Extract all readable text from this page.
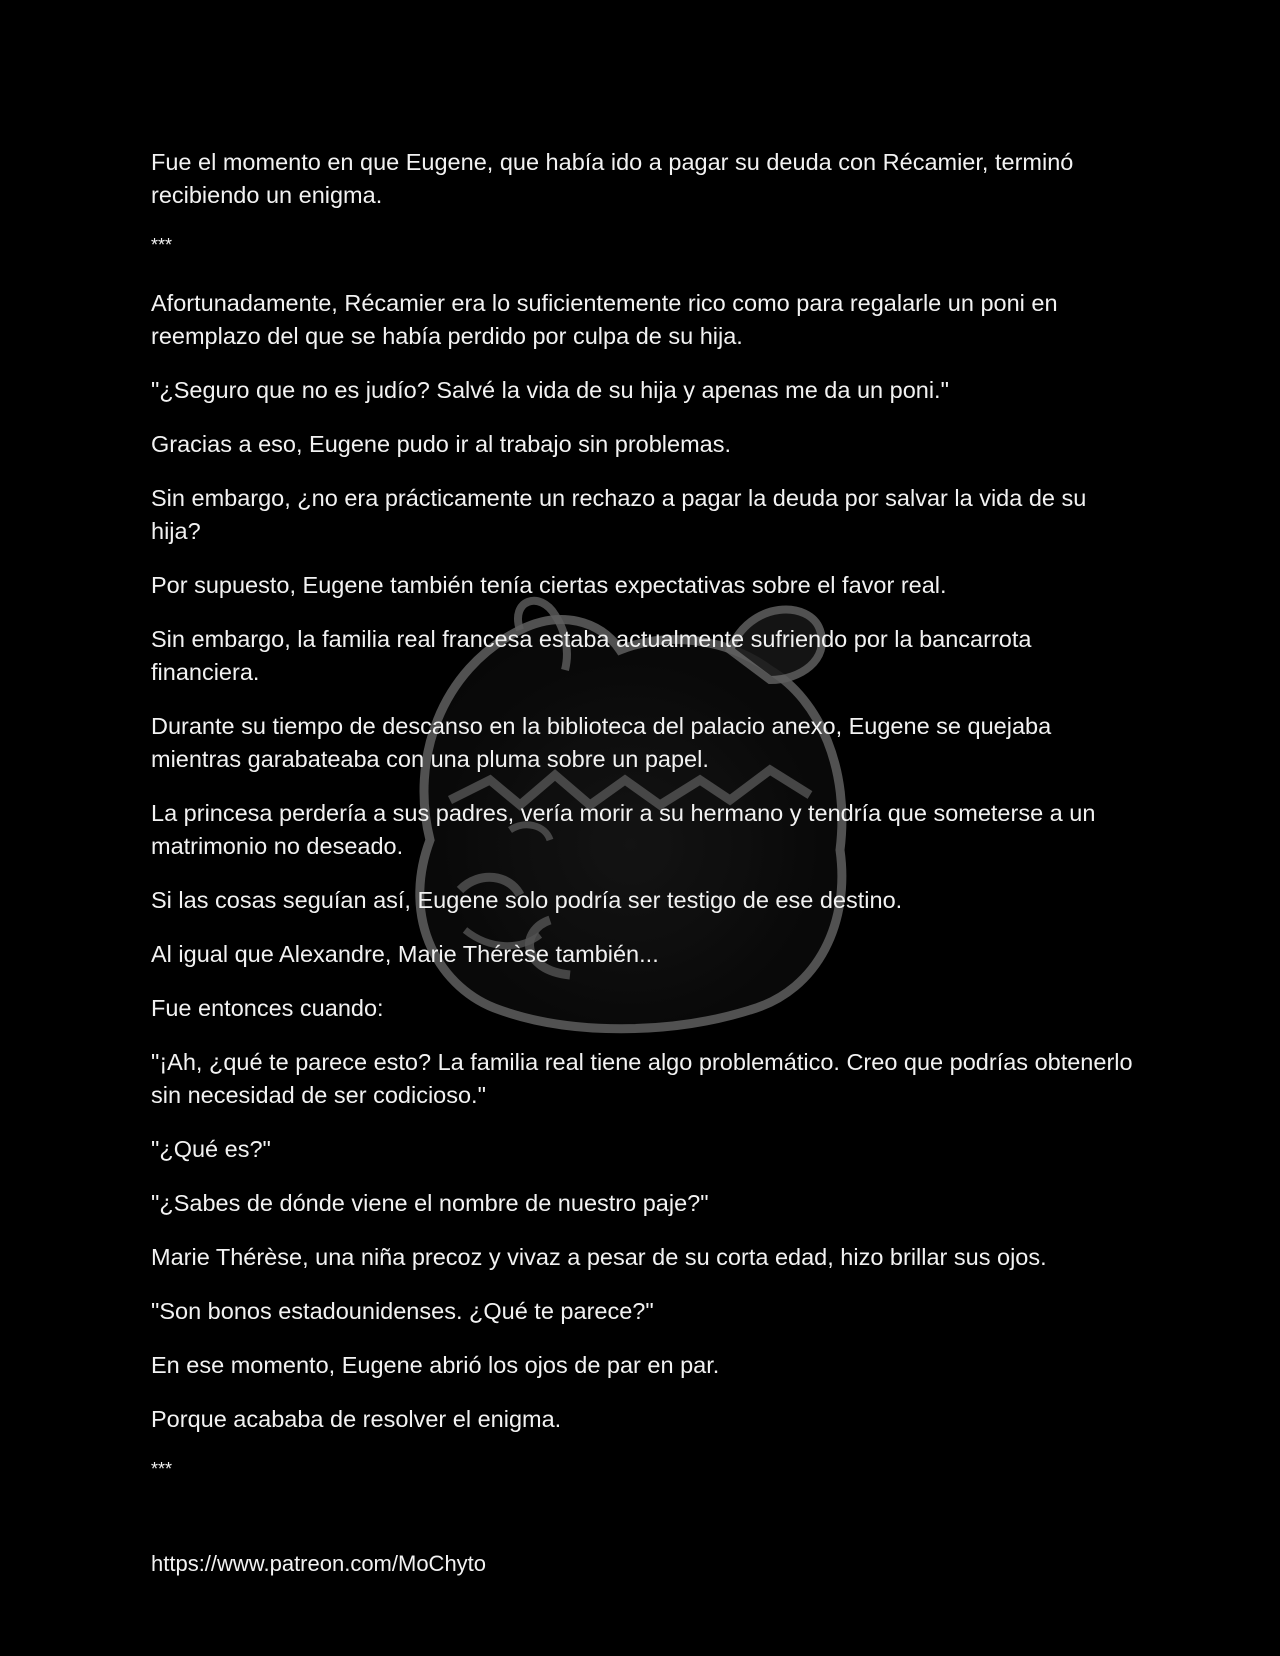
Fue el momento en que Eugene, que había ido a pagar su deuda con Récamier, terminó recibiendo un enigma.

***

Afortunadamente, Récamier era lo suficientemente rico como para regalarle un poni en reemplazo del que se había perdido por culpa de su hija.

"¿Seguro que no es judío? Salvé la vida de su hija y apenas me da un poni."

Gracias a eso, Eugene pudo ir al trabajo sin problemas.

Sin embargo, ¿no era prácticamente un rechazo a pagar la deuda por salvar la vida de su hija?

Por supuesto, Eugene también tenía ciertas expectativas sobre el favor real.

Sin embargo, la familia real francesa estaba actualmente sufriendo por la bancarrota financiera.

Durante su tiempo de descanso en la biblioteca del palacio anexo, Eugene se quejaba mientras garabateaba con una pluma sobre un papel.

La princesa perdería a sus padres, vería morir a su hermano y tendría que someterse a un matrimonio no deseado.

Si las cosas seguían así, Eugene solo podría ser testigo de ese destino.

Al igual que Alexandre, Marie Thérèse también...

Fue entonces cuando:

"¡Ah, ¿qué te parece esto? La familia real tiene algo problemático. Creo que podrías obtenerlo sin necesidad de ser codicioso."

"¿Qué es?"

"¿Sabes de dónde viene el nombre de nuestro paje?"

Marie Thérèse, una niña precoz y vivaz a pesar de su corta edad, hizo brillar sus ojos.

"Son bonos estadounidenses. ¿Qué te parece?"

En ese momento, Eugene abrió los ojos de par en par.

Porque acababa de resolver el enigma.

***

https://www.patreon.com/MoChyto
